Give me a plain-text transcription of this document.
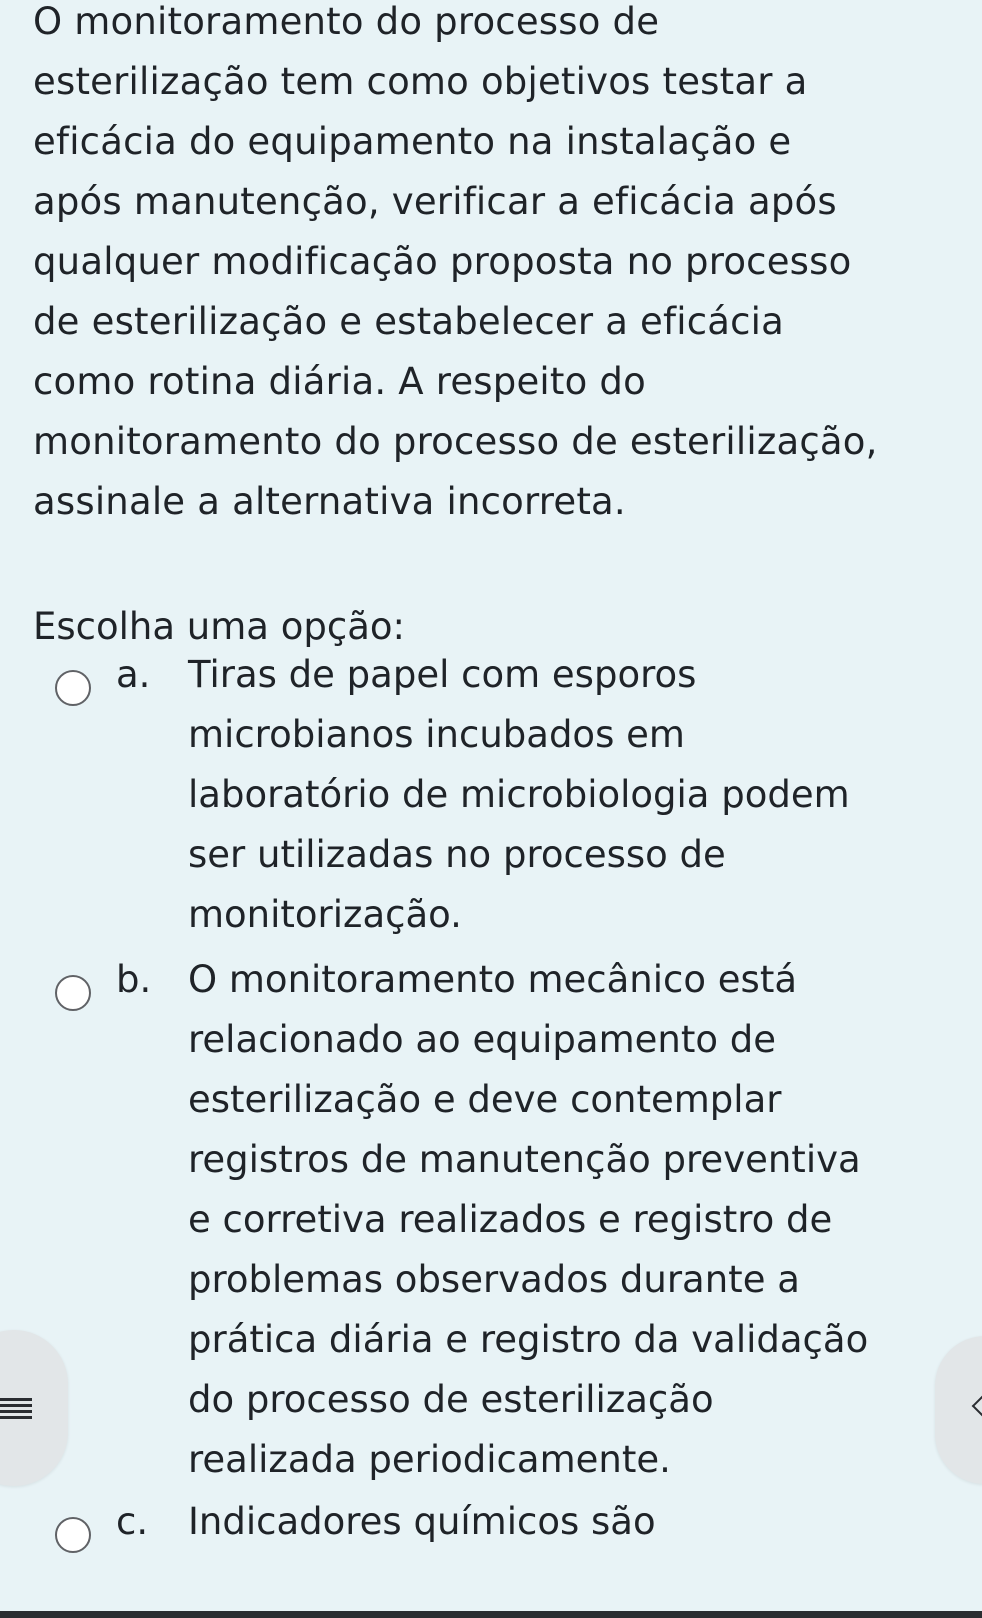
O monitoramento do processo de
esterilização tem como objetivos testar a
eficácia do equipamento na instalação e
após manutenção, verificar a eficácia após
qualquer modificação proposta no processo
de esterilização e estabelecer a eficácia
como rotina diária. A respeito do
monitoramento do processo de esterilização,
assinale a alternativa incorreta.

Escolha uma opção:

a. Tiras de papel com esporos
microbianos incubados em
laboratório de microbiologia podem
ser utilizadas no processo de
monitorização.

b. O monitoramento mecânico está
relacionado ao equipamento de
esterilização e deve contemplar
registros de manutenção preventiva
e corretiva realizados e registro de
problemas observados durante a
prática diária e registro da validação
do processo de esterilização
realizada periodicamente.

c. Indicadores químicos são
